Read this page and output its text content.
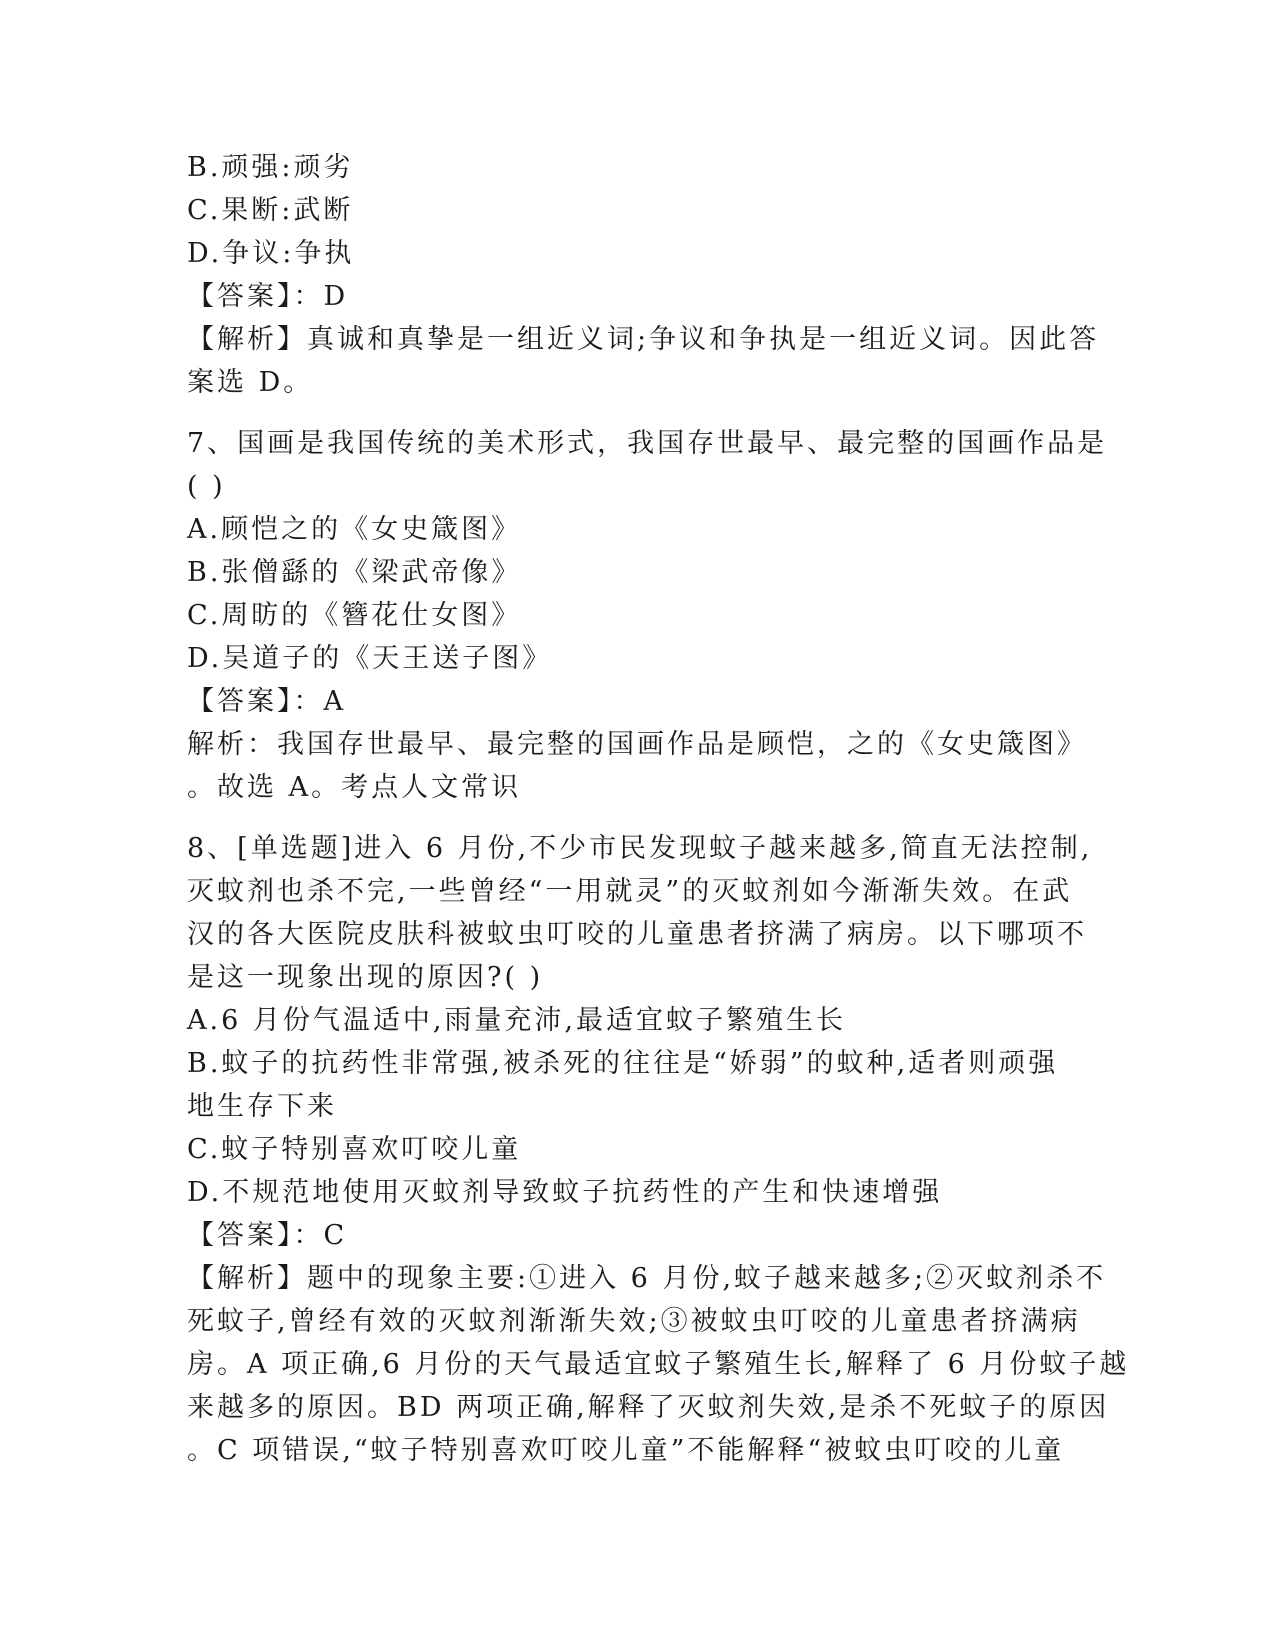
B.顽强:顽劣
C.果断:武断
D.争议:争执
【答案】：D
【解析】真诚和真挚是一组近义词;争议和争执是一组近义词。因此答
案选 D。
7、国画是我国传统的美术形式，我国存世最早、最完整的国画作品是
( )
A.顾恺之的《女史箴图》
B.张僧繇的《梁武帝像》
C.周昉的《簪花仕女图》
D.吴道子的《天王送子图》
【答案】：A
解析：我国存世最早、最完整的国画作品是顾恺，之的《女史箴图》
。故选 A。考点人文常识
8、[单选题]进入 6 月份,不少市民发现蚊子越来越多,简直无法控制,
灭蚊剂也杀不完,一些曾经“一用就灵”的灭蚊剂如今渐渐失效。在武
汉的各大医院皮肤科被蚊虫叮咬的儿童患者挤满了病房。以下哪项不
是这一现象出现的原因?( )
A.6 月份气温适中,雨量充沛,最适宜蚊子繁殖生长
B.蚊子的抗药性非常强,被杀死的往往是“娇弱”的蚊种,适者则顽强
地生存下来
C.蚊子特别喜欢叮咬儿童
D.不规范地使用灭蚊剂导致蚊子抗药性的产生和快速增强
【答案】：C
【解析】题中的现象主要:①进入 6 月份,蚊子越来越多;②灭蚊剂杀不
死蚊子,曾经有效的灭蚊剂渐渐失效;③被蚊虫叮咬的儿童患者挤满病
房。A 项正确,6 月份的天气最适宜蚊子繁殖生长,解释了 6 月份蚊子越
来越多的原因。BD 两项正确,解释了灭蚊剂失效,是杀不死蚊子的原因
。C 项错误,“蚊子特别喜欢叮咬儿童”不能解释“被蚊虫叮咬的儿童
